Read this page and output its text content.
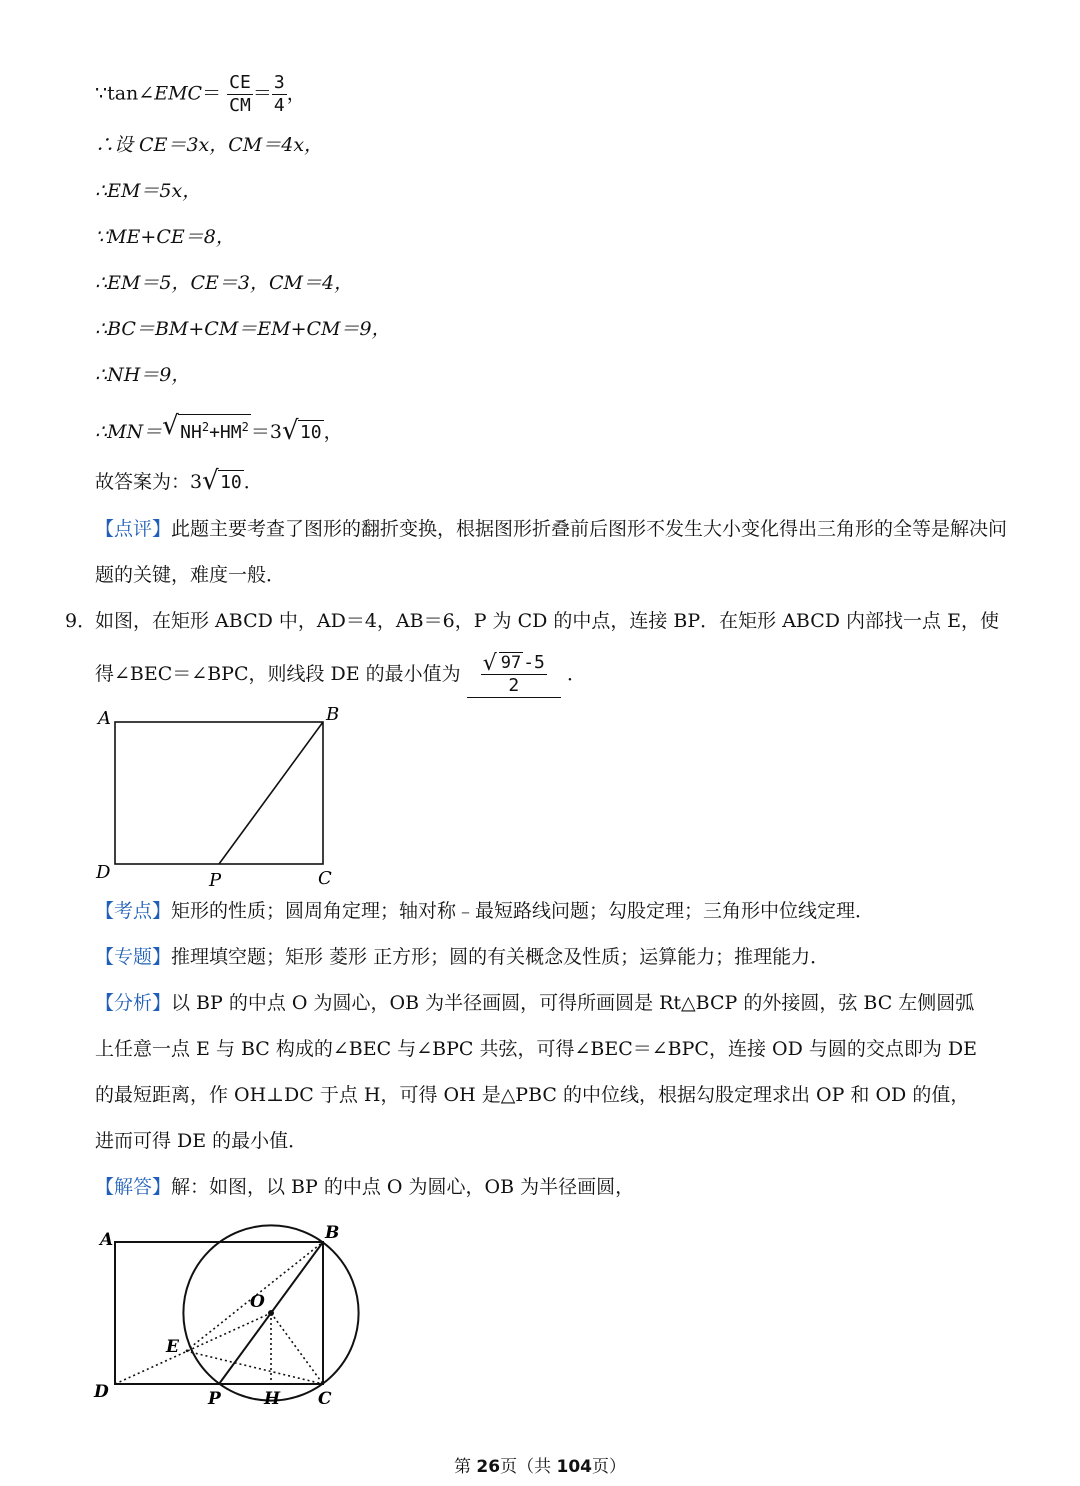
∵tan∠EMC＝ $\frac{CE}{CM} = \frac{3}{4}$ ，
∴设 CE＝3x，CM＝4x，
∴EM＝5x，
∵ME+CE＝8，
∴EM＝5，CE＝3，CM＝4，
∴BC＝BM+CM＝EM+CM＝9，
∴NH＝9，
∴MN＝ √ $NH^2+HM^2 =3$ √ 10 ，
故答案为：3 √ 10 ．
【点评】此题主要考查了图形的翻折变换，根据图形折叠前后图形不发生大小变化得出三角形的全等是解决问题的关键，难度一般．
9．
如图，在矩形 ABCD 中，AD＝4，AB＝6，P 为 CD 的中点，连接 BP．在矩形 ABCD 内部找一点 E，使
得∠BEC＝∠BPC，则线段 DE 的最小值为 $\frac{√ 97 -5}{2}$ ．
A	B
D	P	C
【考点】矩形的性质；圆周角定理；轴对称﹣最短路线问题；勾股定理；三角形中位线定理．
【专题】推理填空题；矩形 菱形 正方形；圆的有关概念及性质；运算能力；推理能力．
【分析】以 BP 的中点 O 为圆心，OB 为半径画圆，可得所画圆是 Rt△BCP 的外接圆，弦 BC 左侧圆弧
上任意一点 E 与 BC 构成的∠BEC 与∠BPC 共弦，可得∠BEC＝∠BPC，连接 OD 与圆的交点即为 DE
的最短距离，作 OH⊥DC 于点 H，可得 OH 是△PBC 的中位线，根据勾股定理求出 OP 和 OD 的值，
进而可得 DE 的最小值．
【解答】解：如图，以 BP 的中点 O 为圆心，OB 为半径画圆，
A	B
O
E
D	P	H C
第 26页（共 104页）
